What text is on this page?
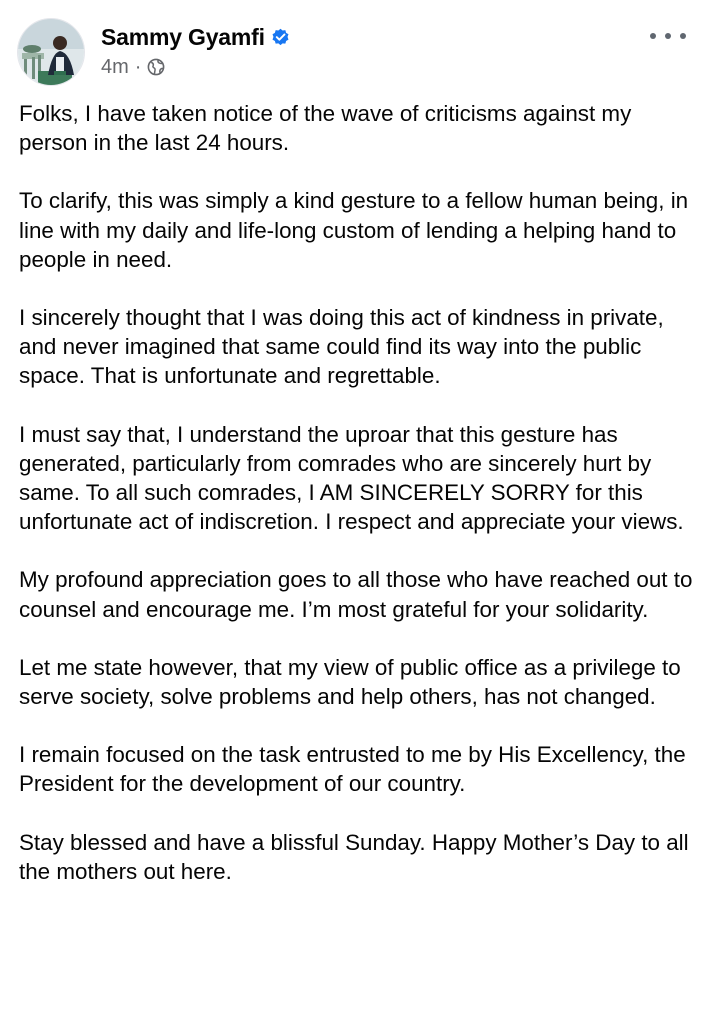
Sammy Gyamfi
4m ·

Folks, I have taken notice of the wave of criticisms against my person in the last 24 hours.

To clarify, this was simply a kind gesture to a fellow human being, in line with my daily and life-long custom of lending a helping hand to people in need.

I sincerely thought that I was doing this act of kindness in private, and never imagined that same could find its way into the public space. That is unfortunate and regrettable.

I must say that, I understand the uproar that this gesture has generated, particularly from comrades who are sincerely hurt by same. To all such comrades, I AM SINCERELY SORRY for this unfortunate act of indiscretion. I respect and appreciate your views.

My profound appreciation goes to all those who have reached out to counsel and encourage me. I’m most grateful for your solidarity.

Let me state however, that my view of public office as a privilege to serve society, solve problems and help others, has not changed.

I remain focused on the task entrusted to me by His Excellency, the President for the development of our country.

Stay blessed and have a blissful Sunday. Happy Mother’s Day to all the mothers out here.
